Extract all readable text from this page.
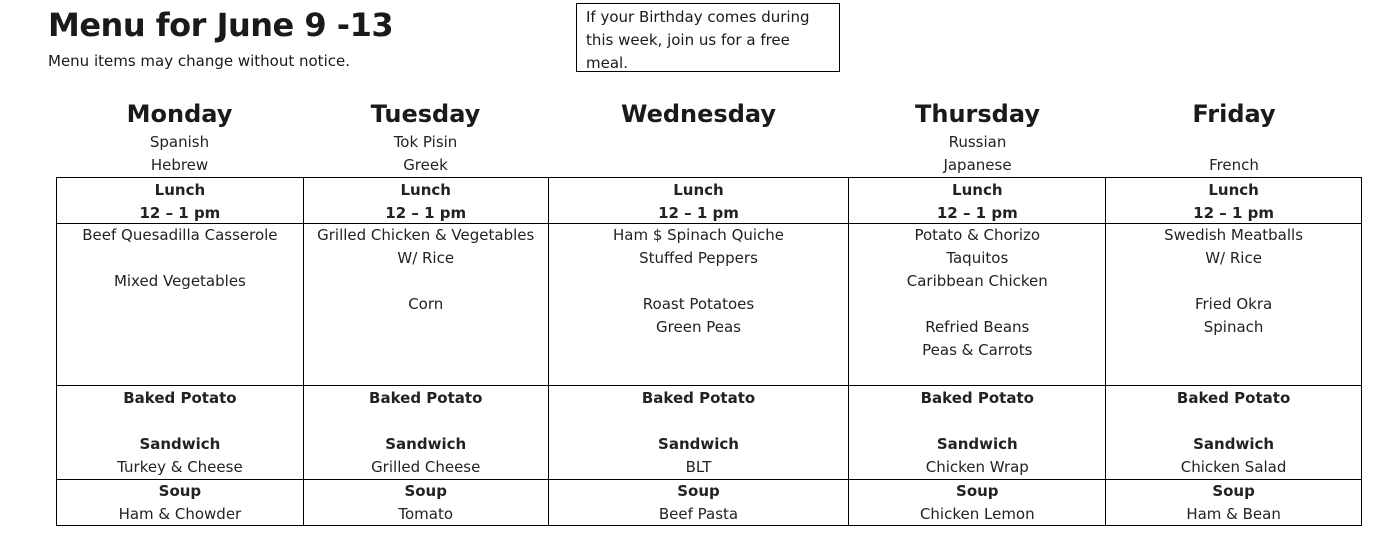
Menu for June 9 -13
Menu items may change without notice.
If your Birthday comes during
this week, join us for a free
meal.
Monday
Spanish
Hebrew
Tuesday
Tok Pisin
Greek
Wednesday	Thursday
Russian
Japanese
Friday
French
Lunch
12 – 1 pm
Lunch
12 – 1 pm
Lunch
12 – 1 pm
Lunch
12 – 1 pm
Lunch
12 – 1 pm
Beef Quesadilla Casserole
Mixed Vegetables
Grilled Chicken & Vegetables
W/ Rice
Corn
Ham $ Spinach Quiche
Stuffed Peppers
Roast Potatoes
Green Peas
Potato & Chorizo
Taquitos
Caribbean Chicken
Refried Beans
Peas & Carrots
Swedish Meatballs
W/ Rice
Fried Okra
Spinach
Baked Potato
Sandwich
Turkey & Cheese
Baked Potato
Sandwich
Grilled Cheese
Baked Potato
Sandwich
BLT
Baked Potato
Sandwich
Chicken Wrap
Baked Potato
Sandwich
Chicken Salad
Soup
Ham & Chowder
Soup
Tomato
Soup
Beef Pasta
Soup
Chicken Lemon
Soup
Ham & Bean
